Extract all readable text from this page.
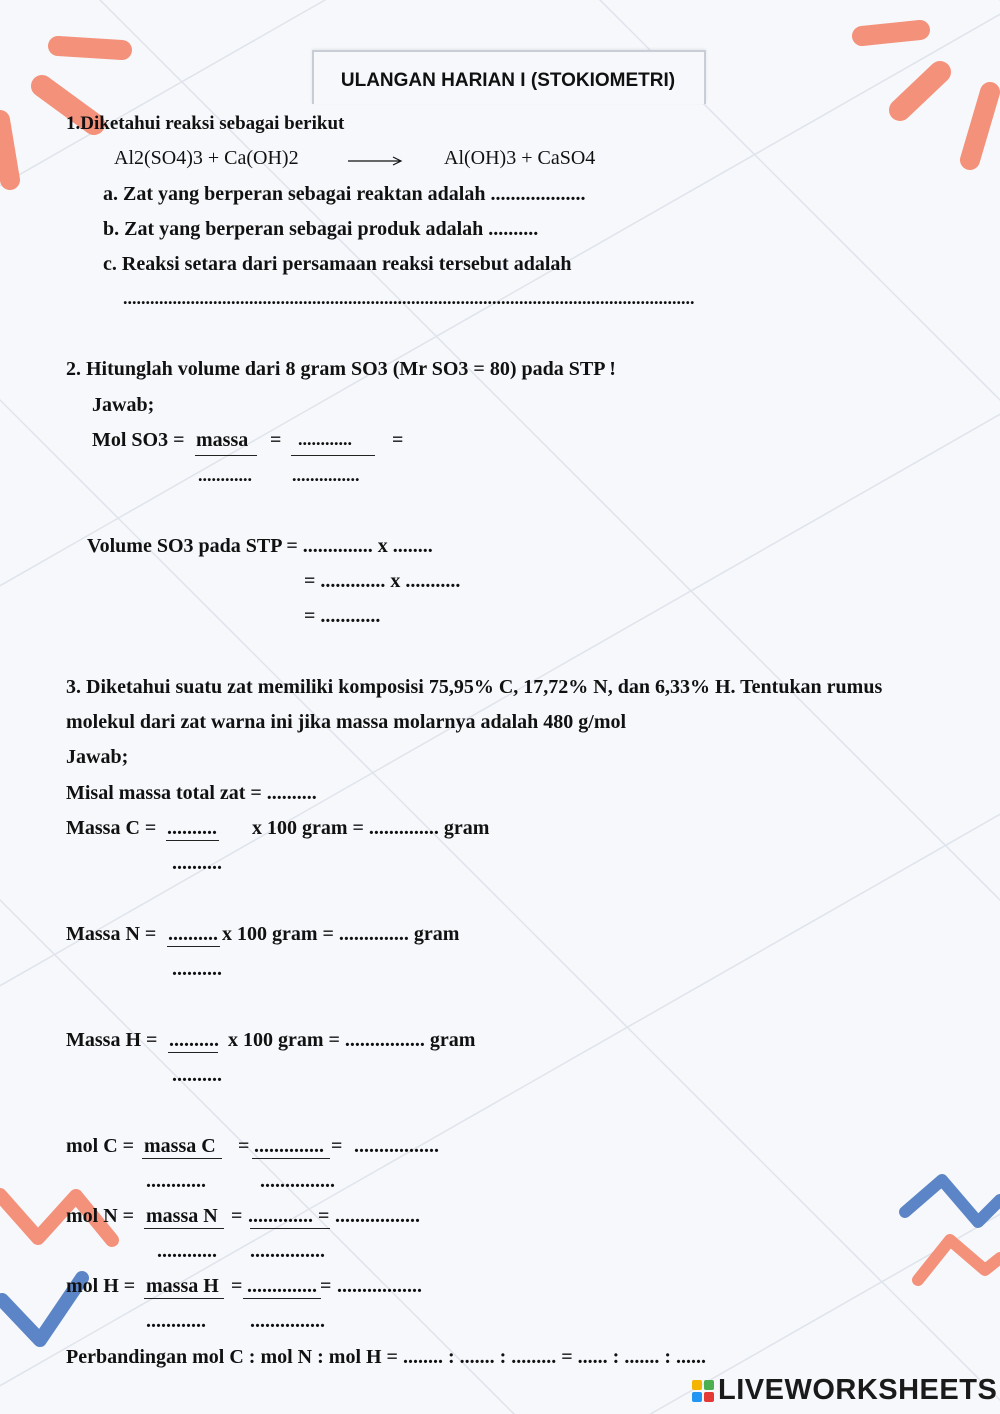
ULANGAN HARIAN I (STOKIOMETRI)
1.Diketahui reaksi sebagai berikut
Al2(SO4)3 + Ca(OH)2	Al(OH)3 + CaSO4
a. Zat yang berperan sebagai reaktan adalah ...................
b. Zat yang berperan sebagai produk adalah ..........
c. Reaksi setara dari persamaan reaksi tersebut adalah
...............................................................................................................................
2. Hitunglah volume dari 8 gram SO3 (Mr SO3 = 80) pada STP !
Jawab;
Mol SO3 = massa = ............ =
............ ...............
Volume SO3 pada STP = .............. x ........
= ............. x ...........
= ............
3. Diketahui suatu zat memiliki komposisi 75,95% C, 17,72% N, dan 6,33% H. Tentukan rumus
molekul dari zat warna ini jika massa molarnya adalah 480 g/mol
Jawab;
Misal massa total zat = ..........
Massa C = .......... x 100 gram = .............. gram
..........
Massa N = .......... x 100 gram = .............. gram
..........
Massa H = .......... x 100 gram = ................ gram
..........
mol C = massa C = .............. = .................
............	...............
mol N = massa N = ............. = .................
............ ...............
mol H = massa H = .............. = .................
............ ...............
Perbandingan mol C : mol N : mol H = ........ : ....... : ......... = ...... : ....... : ......
LIVEWORKSHEETS
